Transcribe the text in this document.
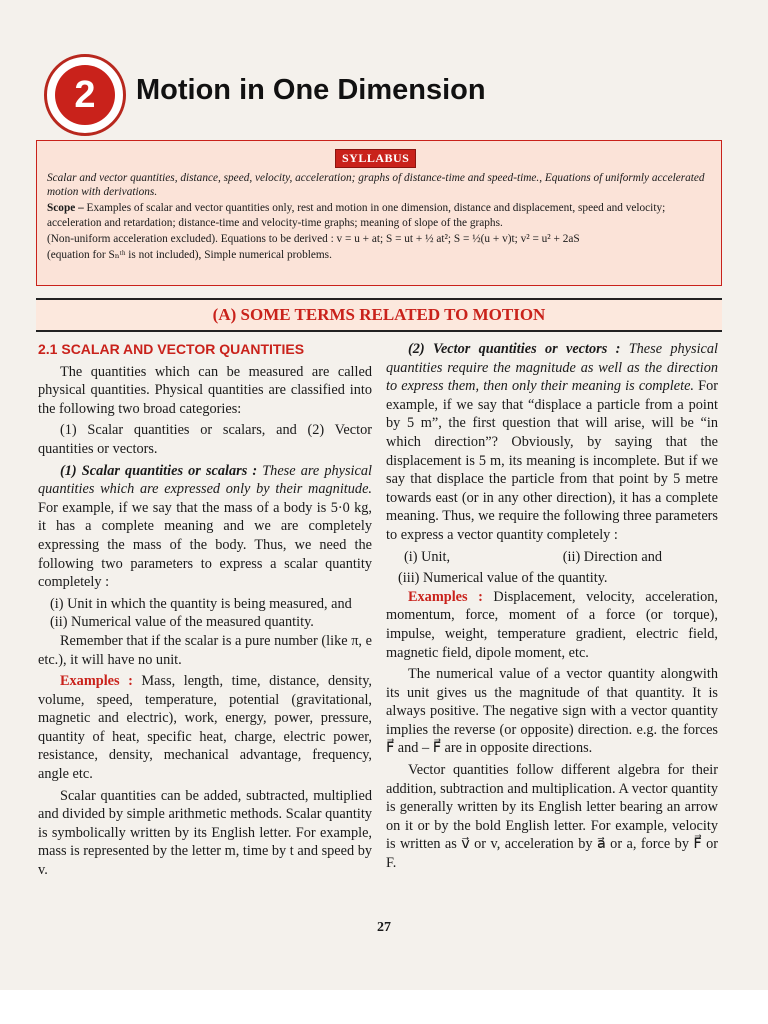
2	Motion in One Dimension
SYLLABUS

Scalar and vector quantities, distance, speed, velocity, acceleration; graphs of distance-time and speed-time., Equations of uniformly accelerated motion with derivations.

Scope – Examples of scalar and vector quantities only, rest and motion in one dimension, distance and displacement, speed and velocity; acceleration and retardation; distance-time and velocity-time graphs; meaning of slope of the graphs.

(Non-uniform acceleration excluded). Equations to be derived : v = u + at; S = ut + ½ at²; S = ½(u + v)t; v² = u² + 2aS

(equation for Sₙᵗʰ is not included), Simple numerical problems.

(A) SOME TERMS RELATED TO MOTION

2.1 SCALAR AND VECTOR QUANTITIES

The quantities which can be measured are called physical quantities. Physical quantities are classified into the following two broad categories:

(1) Scalar quantities or scalars, and (2) Vector quantities or vectors.

(1) Scalar quantities or scalars : These are physical quantities which are expressed only by their magnitude. For example, if we say that the mass of a body is 5·0 kg, it has a complete meaning and we are completely expressing the mass of the body. Thus, we need the following two parameters to express a scalar quantity completely :

(i) Unit in which the quantity is being measured, and

(ii) Numerical value of the measured quantity.

Remember that if the scalar is a pure number (like π, e etc.), it will have no unit.

Examples : Mass, length, time, distance, density, volume, speed, temperature, potential (gravitational, magnetic and electric), work, energy, power, pressure, quantity of heat, specific heat, charge, electric power, resistance, density, mechanical advantage, frequency, angle etc.

Scalar quantities can be added, subtracted, multiplied and divided by simple arithmetic methods. Scalar quantity is symbolically written by its English letter. For example, mass is represented by the letter m, time by t and speed by v.

(2) Vector quantities or vectors : These physical quantities require the magnitude as well as the direction to express them, then only their meaning is complete. For example, if we say that “displace a particle from a point by 5 m”, the first question that will arise, will be “in which direction”? Obviously, by saying that the displacement is 5 m, its meaning is incomplete. But if we say that displace the particle from that point by 5 metre towards east (or in any other direction), it has a complete meaning. Thus, we require the following three parameters to express a vector quantity completely :

(i) Unit,	(ii) Direction and

(iii) Numerical value of the quantity.

Examples : Displacement, velocity, acceleration, momentum, force, moment of a force (or torque), impulse, weight, temperature gradient, electric field, magnetic field, dipole moment, etc.

The numerical value of a vector quantity alongwith its unit gives us the magnitude of that quantity. It is always positive. The negative sign with a vector quantity implies the reverse (or opposite) direction. e.g. the forces F⃗ and – F⃗ are in opposite directions.

Vector quantities follow different algebra for their addition, subtraction and multiplication. A vector quantity is generally written by its English letter bearing an arrow on it or by the bold English letter. For example, velocity is written as v⃗ or v, acceleration by a⃗ or a, force by F⃗ or F.

27
